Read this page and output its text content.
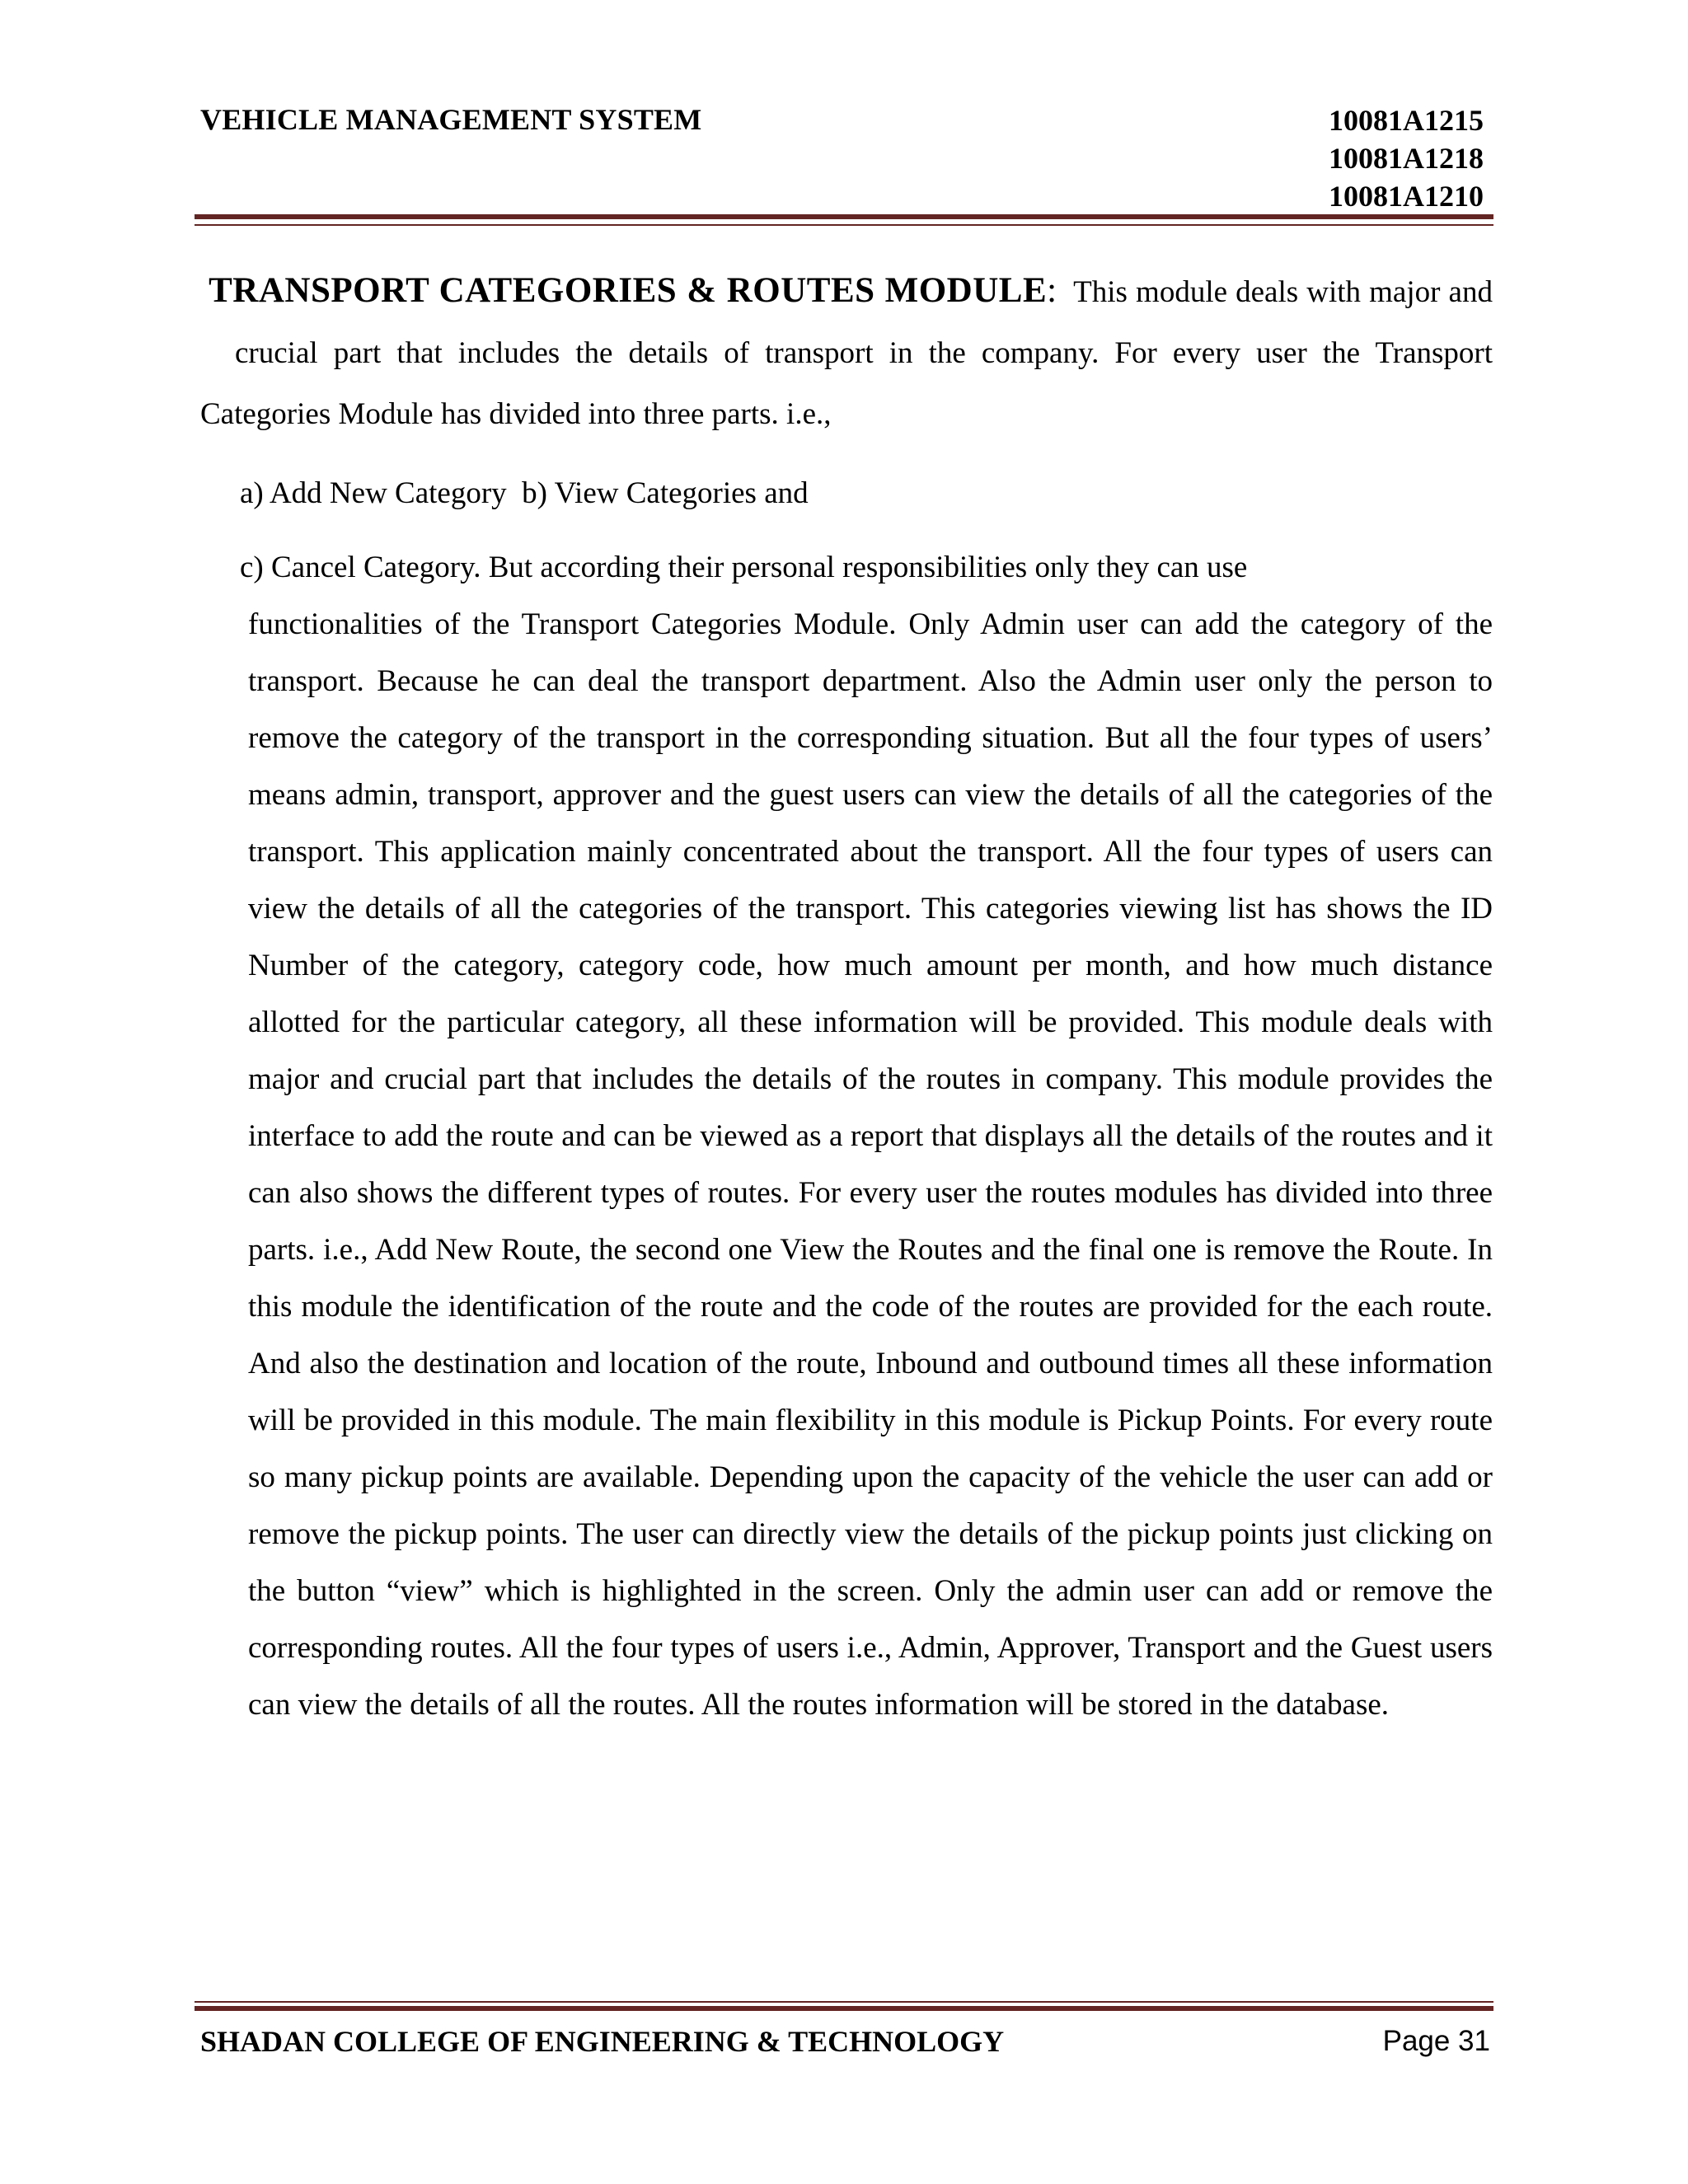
VEHICLE MANAGEMENT SYSTEM	10081A1215
10081A1218
10081A1210

TRANSPORT CATEGORIES & ROUTES MODULE: This module deals with major andcrucial part that includes the details of transport in the company. For every user the Transport Categories Module has divided into three parts. i.e.,

a) Add New Category  b) View Categories and
c) Cancel Category. But according their personal responsibilities only they can use
functionalities of the Transport Categories Module. Only Admin user can add the category of the transport. Because he can deal the transport department. Also the Admin user only the person to remove the category of the transport in the corresponding situation. But all the four types of users’ means admin, transport, approver and the guest users can view the details of all the categories of the transport. This application mainly concentrated about the transport. All the four types of users can view the details of all the categories of the transport. This categories viewing list has shows the ID Number of the category, category code, how much amount per month, and how much distance allotted for the particular category, all these information will be provided. This module deals with major and crucial part that includes the details of the routes in company. This module provides the interface to add the route and can be viewed as a report that displays all the details of the routes and it can also shows the different types of routes. For every user the routes modules has divided into three parts. i.e., Add New Route, the second one View the Routes and the final one is remove the Route. In this module the identification of the route and the code of the routes are provided for the each route. And also the destination and location of the route, Inbound and outbound times all these information will be provided in this module. The main flexibility in this module is Pickup Points. For every route so many pickup points are available. Depending upon the capacity of the vehicle the user can add or remove the pickup points. The user can directly view the details of the pickup points just clicking on the button “view” which is highlighted in the screen. Only the admin user can add or remove the corresponding routes. All the four types of users i.e., Admin, Approver, Transport and the Guest users can view the details of all the routes. All the routes information will be stored in the database.
SHADAN COLLEGE OF ENGINEERING & TECHNOLOGY	Page 31
